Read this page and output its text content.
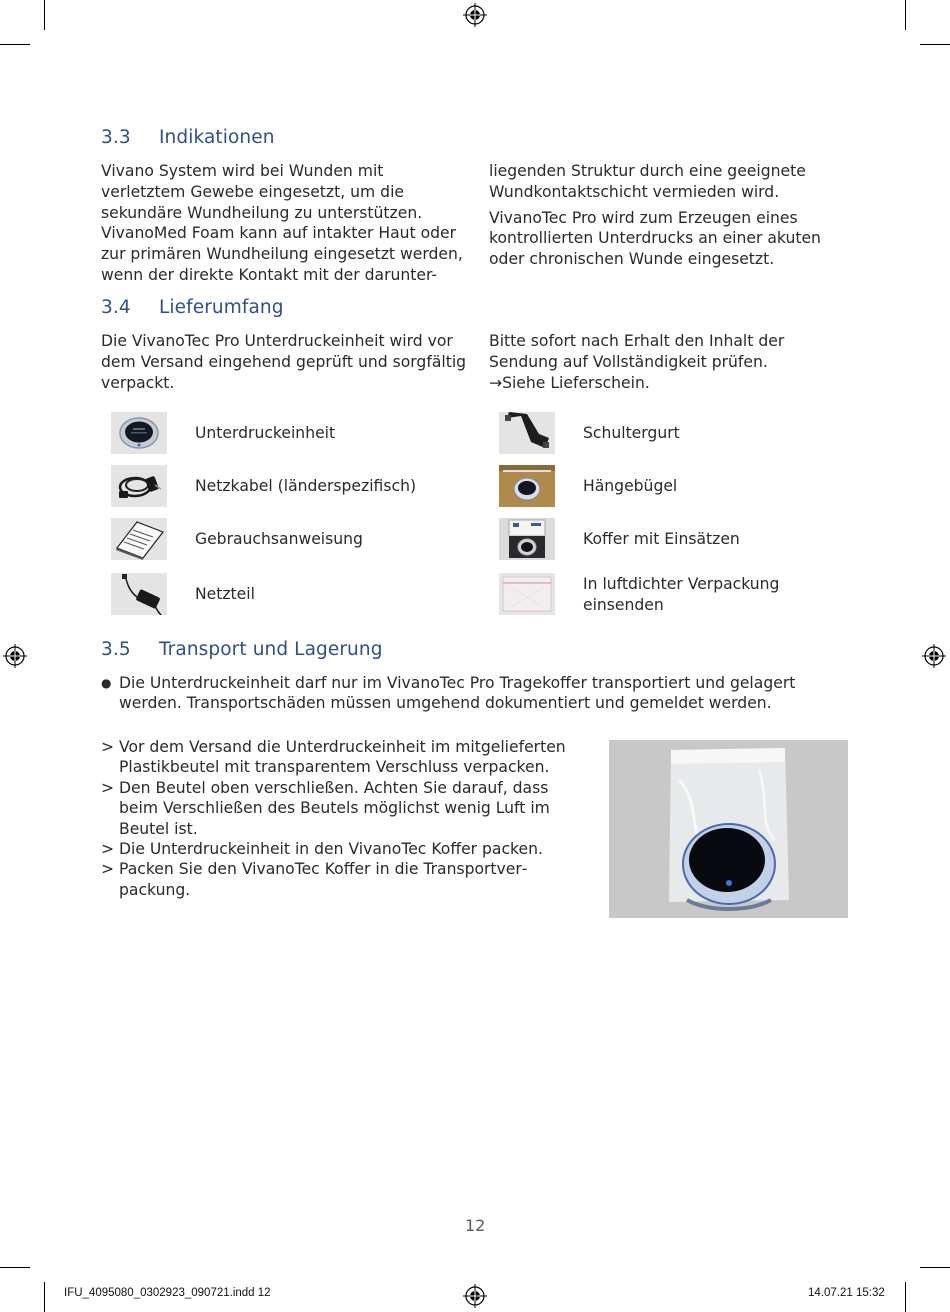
3.3 Indikationen

Vivano System wird bei Wunden mit verletztem Gewebe eingesetzt, um die sekundäre Wundheilung zu unterstützen. VivanoMed Foam kann auf intakter Haut oder zur primären Wundheilung eingesetzt werden, wenn der direkte Kontakt mit der darunter-

liegenden Struktur durch eine geeignete Wundkontaktschicht vermieden wird.

VivanoTec Pro wird zum Erzeugen eines kontrollierten Unterdrucks an einer akuten oder chronischen Wunde eingesetzt.

3.4 Lieferumfang

Die VivanoTec Pro Unterdruckeinheit wird vor dem Versand eingehend geprüft und sorgfältig verpackt.

Bitte sofort nach Erhalt den Inhalt der Sendung auf Vollständigkeit prüfen.

→Siehe Lieferschein.

Unterdruckeinheit
Netzkabel (länderspezifisch)
Gebrauchsanweisung
Netzteil
Schultergurt
Hängebügel
Koffer mit Einsätzen
In luftdichter Verpackung einsenden
3.5 Transport und Lagerung
● Die Unterdruckeinheit darf nur im VivanoTec Pro Tragekoffer transportiert und gelagert werden. Transportschäden müssen umgehend dokumentiert und gemeldet werden.
> Vor dem Versand die Unterdruckeinheit im mitgelieferten Plastikbeutel mit transparentem Verschluss verpacken.
> Den Beutel oben verschließen. Achten Sie darauf, dass beim Verschließen des Beutels möglichst wenig Luft im Beutel ist.
> Die Unterdruckeinheit in den VivanoTec Koffer packen.
> Packen Sie den VivanoTec Koffer in die Transportverpackung.
12
IFU_4095080_0302923_090721.indd 12	14.07.21 15:32
